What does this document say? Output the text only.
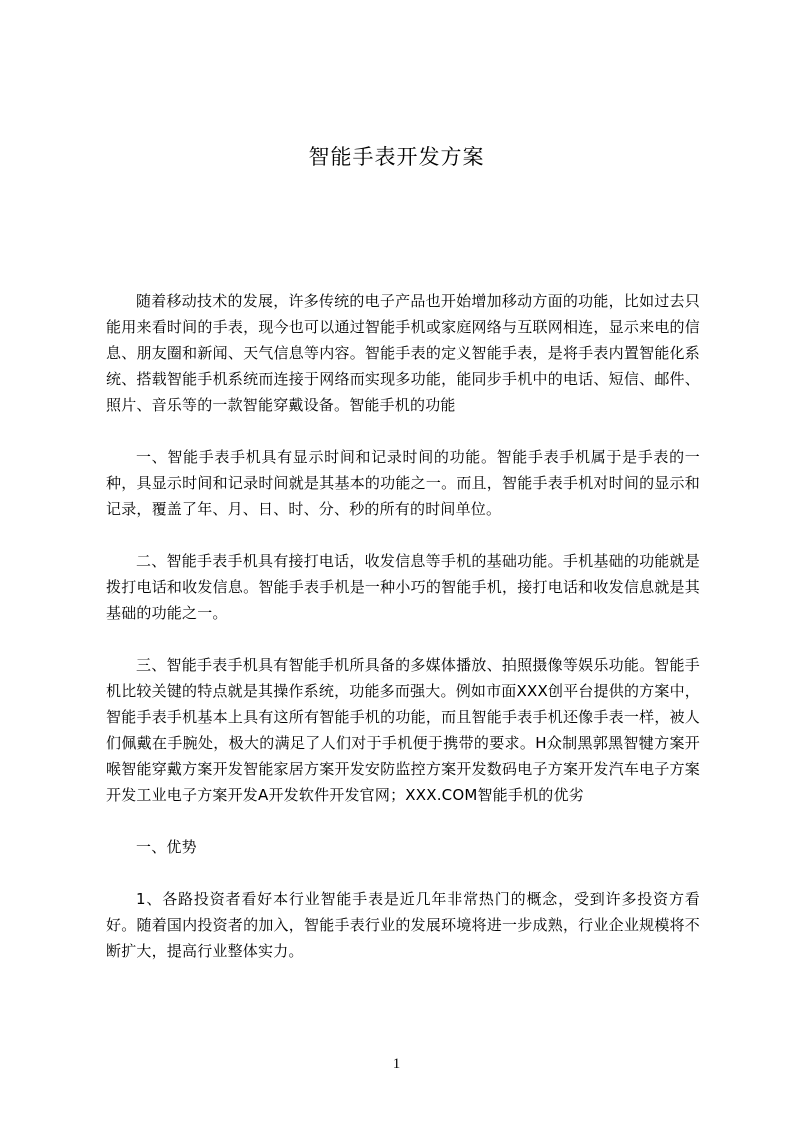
智能手表开发方案

随着移动技术的发展，许多传统的电子产品也开始增加移动方面的功能，比如过去只能用来看时间的手表，现今也可以通过智能手机或家庭网络与互联网相连，显示来电的信息、朋友圈和新闻、天气信息等内容。智能手表的定义智能手表，是将手表内置智能化系统、搭载智能手机系统而连接于网络而实现多功能，能同步手机中的电话、短信、邮件、照片、音乐等的一款智能穿戴设备。智能手机的功能

一、智能手表手机具有显示时间和记录时间的功能。智能手表手机属于是手表的一种，具显示时间和记录时间就是其基本的功能之一。而且，智能手表手机对时间的显示和记录，覆盖了年、月、日、时、分、秒的所有的时间单位。

二、智能手表手机具有接打电话，收发信息等手机的基础功能。手机基础的功能就是拨打电话和收发信息。智能手表手机是一种小巧的智能手机，接打电话和收发信息就是其基础的功能之一。

三、智能手表手机具有智能手机所具备的多媒体播放、拍照摄像等娱乐功能。智能手机比较关键的特点就是其操作系统，功能多而强大。例如市面XXX创平台提供的方案中，智能手表手机基本上具有这所有智能手机的功能，而且智能手表手机还像手表一样，被人们佩戴在手腕处，极大的满足了人们对于手机便于携带的要求。H众制黑郭黑智犍方案开喉智能穿戴方案开发智能家居方案开发安防监控方案开发数码电子方案开发汽车电子方案开发工业电子方案开发A开发软件开发官网；XXX.COM智能手机的优劣

一、优势

1、各路投资者看好本行业智能手表是近几年非常热门的概念，受到许多投资方看好。随着国内投资者的加入，智能手表行业的发展环境将进一步成熟，行业企业规模将不断扩大，提高行业整体实力。

1
